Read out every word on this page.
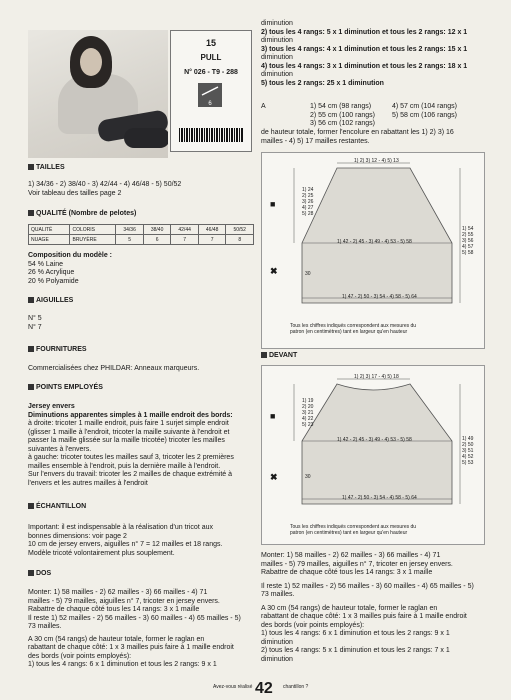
15
PULL
N° 026 - T9 - 288
6
diminution
2) tous les 4 rangs: 5 x 1 diminution et tous les 2 rangs: 12 x 1
diminution
3) tous les 4 rangs: 4 x 1 diminution et tous les 2 rangs: 15 x 1
diminution
4) tous les 4 rangs: 3 x 1 diminution et tous les 2 rangs: 18 x 1
diminution
5) tous les 2 rangs: 25 x 1 diminution
A	1) 54 cm (98 rangs)
2) 55 cm (100 rangs)
3) 56 cm (102 rangs)
4) 57 cm (104 rangs)
5) 58 cm (106 rangs)
de hauteur totale, former l'encolure en rabattant les 1) 2) 3) 16
mailles - 4) 5) 17 mailles restantes.
TAILLES
1) 34/36 - 2) 38/40 - 3) 42/44 - 4) 46/48 - 5) 50/52
Voir tableau des tailles page 2
QUALITÉ (Nombre de pelotes)
QUALITÉ	COLORIS	34/36	38/40	42/44	46/48	50/52
NUAGE	BRUYÈRE	5	6	7	7	8
Composition du modèle :
54 % Laine
26 % Acrylique
20 % Polyamide
AIGUILLES
N° 5
N° 7
FOURNITURES
Commercialisées chez PHILDAR: Anneaux marqueurs.
POINTS EMPLOYÉS
Jersey envers
Diminutions apparentes simples à 1 maille endroit des bords:
à droite: tricoter 1 maille endroit, puis faire 1 surjet simple endroit
(glisser 1 maille à l'endroit, tricoter la maille suivante à l'endroit et
passer la maille glissée sur la maille tricotée) tricoter les mailles
suivantes à l'envers.
à gauche: tricoter toutes les mailles sauf 3, tricoter les 2 premières
mailles ensemble à l'endroit, puis la dernière maille à l'endroit.
Sur l'envers du travail: tricoter les 2 mailles de chaque extrémité à
l'envers et les autres mailles à l'endroit
ÉCHANTILLON
Important: il est indispensable à la réalisation d'un tricot aux
bonnes dimensions: voir page 2
10 cm de jersey envers, aiguilles n° 7 = 12 mailles et 18 rangs.
Modèle tricoté volontairement plus souplement.
DOS
Monter: 1) 58 mailles - 2) 62 mailles - 3) 66 mailles - 4) 71
mailles - 5) 79 mailles, aiguilles n° 7, tricoter en jersey envers.
Rabattre de chaque côté tous les 14 rangs: 3 x 1 maille
Il reste 1) 52 mailles - 2) 56 mailles - 3) 60 mailles - 4) 65 mailles - 5)
73 mailles.
A 30 cm (54 rangs) de hauteur totale, former le raglan en
rabattant de chaque côté: 1 x 3 mailles puis faire à 1 maille endroit
des bords (voir points employés):
1) tous les 4 rangs: 6 x 1 diminution et tous les 2 rangs: 9 x 1
■
✖
1) 2) 3) 12 - 4) 5) 13
1) 24
2) 25
3) 26
4) 27
5) 28
1) 42 - 2) 45 - 3) 49 - 4) 53 - 5) 58
1) 54
2) 55
3) 56
4) 57
5) 58
30
1) 47 - 2) 50 - 3) 54 - 4) 58 - 5) 64
Tous les chiffres indiqués correspondent aux mesures du
patron (en centimètres) tant en largeur qu'en hauteur
DEVANT
■
✖
1) 2) 3) 17 - 4) 5) 18
1) 19
2) 20
3) 21
4) 22
5) 23
1) 42 - 2) 45 - 3) 49 - 4) 53 - 5) 58	1) 49
2) 50
3) 51
4) 52
5) 53
30
1) 47 - 2) 50 - 3) 54 - 4) 58 - 5) 64
Tous les chiffres indiqués correspondent aux mesures du
patron (en centimètres) tant en largeur qu'en hauteur
Monter: 1) 58 mailles - 2) 62 mailles - 3) 66 mailles - 4) 71
mailles - 5) 79 mailles, aiguilles n° 7, tricoter en jersey envers.
Rabattre de chaque côté tous les 14 rangs: 3 x 1 maille
Il reste 1) 52 mailles - 2) 56 mailles - 3) 60 mailles - 4) 65 mailles - 5)
73 mailles.
A 30 cm (54 rangs) de hauteur totale, former le raglan en
rabattant de chaque côté: 1 x 3 mailles puis faire à 1 maille endroit
des bords (voir points employés):
1) tous les 4 rangs: 6 x 1 diminution et tous les 2 rangs: 9 x 1
diminution
2) tous les 4 rangs: 5 x 1 diminution et tous les 2 rangs: 7 x 1
diminution
Avez-vous réalisé 42 chantillon ?
